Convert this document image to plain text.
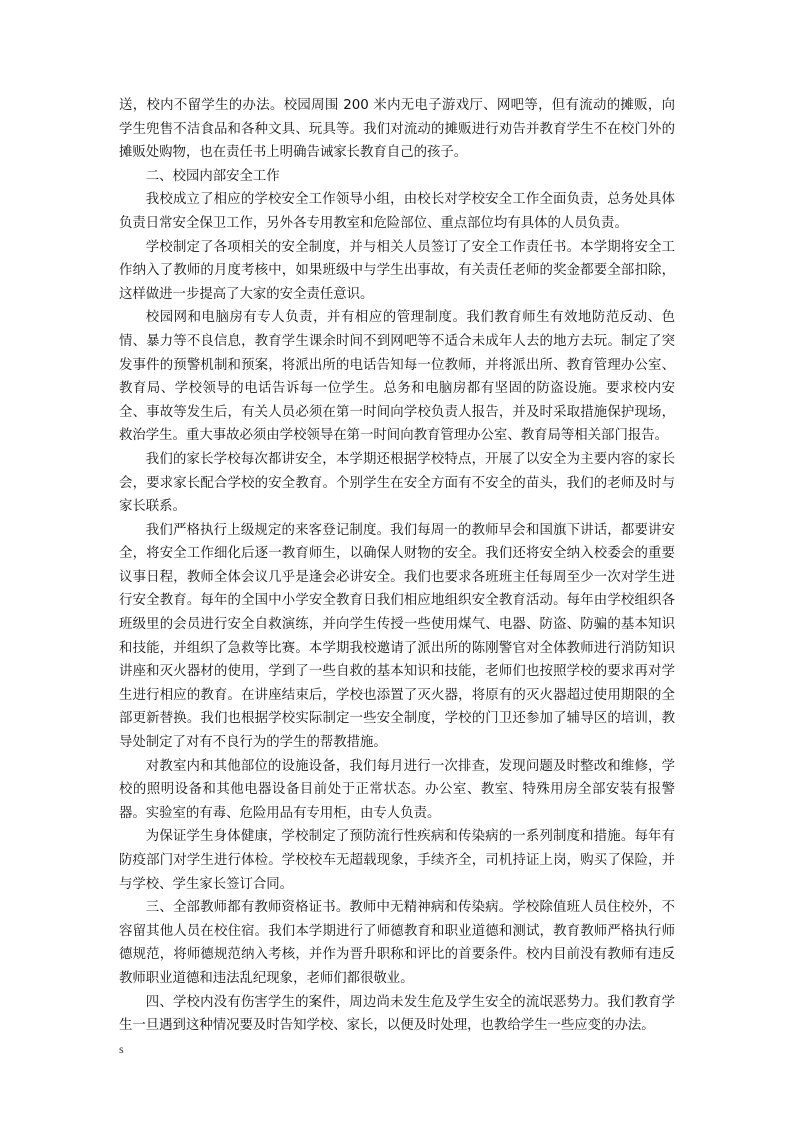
送，校内不留学生的办法。校园周围 200 米内无电子游戏厅、网吧等，但有流动的摊贩，向学生兜售不洁食品和各种文具、玩具等。我们对流动的摊贩进行劝告并教育学生不在校门外的摊贩处购物，也在责任书上明确告诫家长教育自己的孩子。

二、校园内部安全工作

我校成立了相应的学校安全工作领导小组，由校长对学校安全工作全面负责，总务处具体负责日常安全保卫工作，另外各专用教室和危险部位、重点部位均有具体的人员负责。

学校制定了各项相关的安全制度，并与相关人员签订了安全工作责任书。本学期将安全工作纳入了教师的月度考核中，如果班级中与学生出事故，有关责任老师的奖金都要全部扣除，这样做进一步提高了大家的安全责任意识。

校园网和电脑房有专人负责，并有相应的管理制度。我们教育师生有效地防范反动、色情、暴力等不良信息，教育学生课余时间不到网吧等不适合未成年人去的地方去玩。制定了突发事件的预警机制和预案，将派出所的电话告知每一位教师，并将派出所、教育管理办公室、教育局、学校领导的电话告诉每一位学生。总务和电脑房都有坚固的防盗设施。要求校内安全、事故等发生后，有关人员必须在第一时间向学校负责人报告，并及时采取措施保护现场，救治学生。重大事故必须由学校领导在第一时间向教育管理办公室、教育局等相关部门报告。

我们的家长学校每次都讲安全，本学期还根据学校特点，开展了以安全为主要内容的家长会，要求家长配合学校的安全教育。个别学生在安全方面有不安全的苗头，我们的老师及时与家长联系。

我们严格执行上级规定的来客登记制度。我们每周一的教师早会和国旗下讲话，都要讲安全，将安全工作细化后逐一教育师生，以确保人财物的安全。我们还将安全纳入校委会的重要议事日程，教师全体会议几乎是逢会必讲安全。我们也要求各班班主任每周至少一次对学生进行安全教育。每年的全国中小学安全教育日我们相应地组织安全教育活动。每年由学校组织各班级里的会员进行安全自救演练，并向学生传授一些使用煤气、电器、防盗、防骗的基本知识和技能，并组织了急救等比赛。本学期我校邀请了派出所的陈刚警官对全体教师进行消防知识讲座和灭火器材的使用，学到了一些自救的基本知识和技能，老师们也按照学校的要求再对学生进行相应的教育。在讲座结束后，学校也添置了灭火器，将原有的灭火器超过使用期限的全部更新替换。我们也根据学校实际制定一些安全制度，学校的门卫还参加了辅导区的培训，教导处制定了对有不良行为的学生的帮教措施。

对教室内和其他部位的设施设备，我们每月进行一次排查，发现问题及时整改和维修，学校的照明设备和其他电器设备目前处于正常状态。办公室、教室、特殊用房全部安装有报警器。实验室的有毒、危险用品有专用柜，由专人负责。

为保证学生身体健康，学校制定了预防流行性疾病和传染病的一系列制度和措施。每年有防疫部门对学生进行体检。学校校车无超载现象，手续齐全，司机持证上岗，购买了保险，并与学校、学生家长签订合同。

三、全部教师都有教师资格证书。教师中无精神病和传染病。学校除值班人员住校外，不容留其他人员在校住宿。我们本学期进行了师德教育和职业道德和测试，教育教师严格执行师德规范，将师德规范纳入考核，并作为晋升职称和评比的首要条件。校内目前没有教师有违反教师职业道德和违法乱纪现象，老师们都很敬业。

四、学校内没有伤害学生的案件，周边尚未发生危及学生安全的流氓恶势力。我们教育学生一旦遇到这种情况要及时告知学校、家长，以便及时处理，也教给学生一些应变的办法。

s
